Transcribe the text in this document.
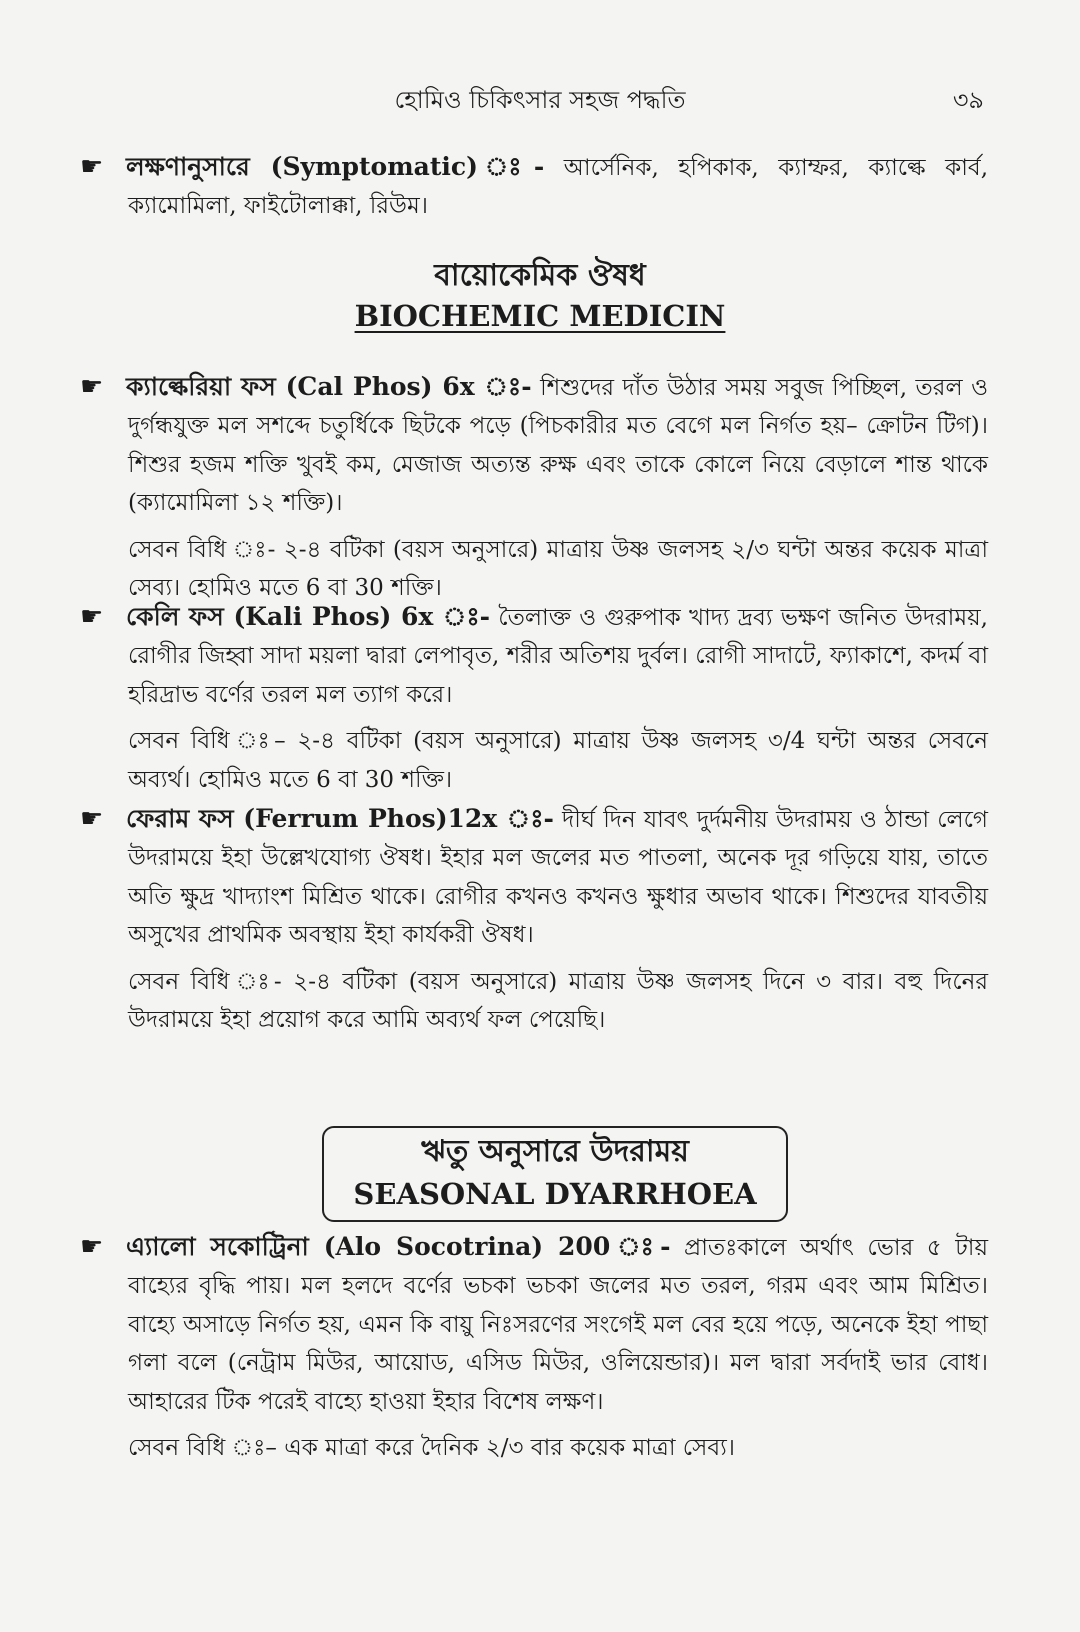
হোমিও চিকিৎসার সহজ পদ্ধতি	৩৯

☛ লক্ষণানুসারে (Symptomatic) ঃ- আর্সেনিক, হপিকাক, ক্যাম্ফর, ক্যাল্কে কার্ব, ক্যামোমিলা, ফাইটোলাক্কা, রিউম।

বায়োকেমিক ঔষধ
BIOCHEMIC MEDICIN

☛ ক্যাল্কেরিয়া ফস (Cal Phos) 6x ঃ- শিশুদের দাঁত উঠার সময় সবুজ পিচ্ছিল, তরল ও দুর্গন্ধযুক্ত মল সশব্দে চতুর্ধিকে ছিটকে পড়ে (পিচকারীর মত বেগে মল নির্গত হয়– ক্রোটন টিগ)। শিশুর হজম শক্তি খুবই কম, মেজাজ অত্যন্ত রুক্ষ এবং তাকে কোলে নিয়ে বেড়ালে শান্ত থাকে (ক্যামোমিলা ১২ শক্তি)।

সেবন বিধি ঃ- ২-৪ বটিকা (বয়স অনুসারে) মাত্রায় উষ্ণ জলসহ ২/৩ ঘন্টা অন্তর কয়েক মাত্রা সেব্য। হোমিও মতে 6 বা 30 শক্তি।

☛ কেলি ফস (Kali Phos) 6x ঃ- তৈলাক্ত ও গুরুপাক খাদ্য দ্রব্য ভক্ষণ জনিত উদরাময়, রোগীর জিহ্বা সাদা ময়লা দ্বারা লেপাবৃত, শরীর অতিশয় দুর্বল। রোগী সাদাটে, ফ্যাকাশে, কদর্ম বা হরিদ্রাভ বর্ণের তরল মল ত্যাগ করে।

সেবন বিধি ঃ– ২-৪ বটিকা (বয়স অনুসারে) মাত্রায় উষ্ণ জলসহ ৩/4 ঘন্টা অন্তর সেবনে অব্যর্থ। হোমিও মতে 6 বা 30 শক্তি।

☛ ফেরাম ফস (Ferrum Phos)12x ঃ- দীর্ঘ দিন যাবৎ দুর্দমনীয় উদরাময় ও ঠান্ডা লেগে উদরাময়ে ইহা উল্লেখযোগ্য ঔষধ। ইহার মল জলের মত পাতলা, অনেক দূর গড়িয়ে যায়, তাতে অতি ক্ষুদ্র খাদ্যাংশ মিশ্রিত থাকে। রোগীর কখনও কখনও ক্ষুধার অভাব থাকে। শিশুদের যাবতীয় অসুখের প্রাথমিক অবস্থায় ইহা কার্যকরী ঔষধ।

সেবন বিধি ঃ- ২-৪ বটিকা (বয়স অনুসারে) মাত্রায় উষ্ণ জলসহ দিনে ৩ বার। বহু দিনের উদরাময়ে ইহা প্রয়োগ করে আমি অব্যর্থ ফল পেয়েছি।

ঋতু অনুসারে উদরাময়
SEASONAL DYARRHOEA

☛ এ্যালো সকোট্রিনা (Alo Socotrina) 200 ঃ- প্রাতঃকালে অর্থাৎ ভোর ৫ টায় বাহ্যের বৃদ্ধি পায়। মল হলদে বর্ণের ভচকা ভচকা জলের মত তরল, গরম এবং আম মিশ্রিত। বাহ্যে অসাড়ে নির্গত হয়, এমন কি বায়ু নিঃসরণের সংগেই মল বের হয়ে পড়ে, অনেকে ইহা পাছা গলা বলে (নেট্রাম মিউর, আয়োড, এসিড মিউর, ওলিয়েন্ডার)। মল দ্বারা সর্বদাই ভার বোধ। আহারের টিক পরেই বাহ্যে হাওয়া ইহার বিশেষ লক্ষণ।

সেবন বিধি ঃ– এক মাত্রা করে দৈনিক ২/৩ বার কয়েক মাত্রা সেব্য।
